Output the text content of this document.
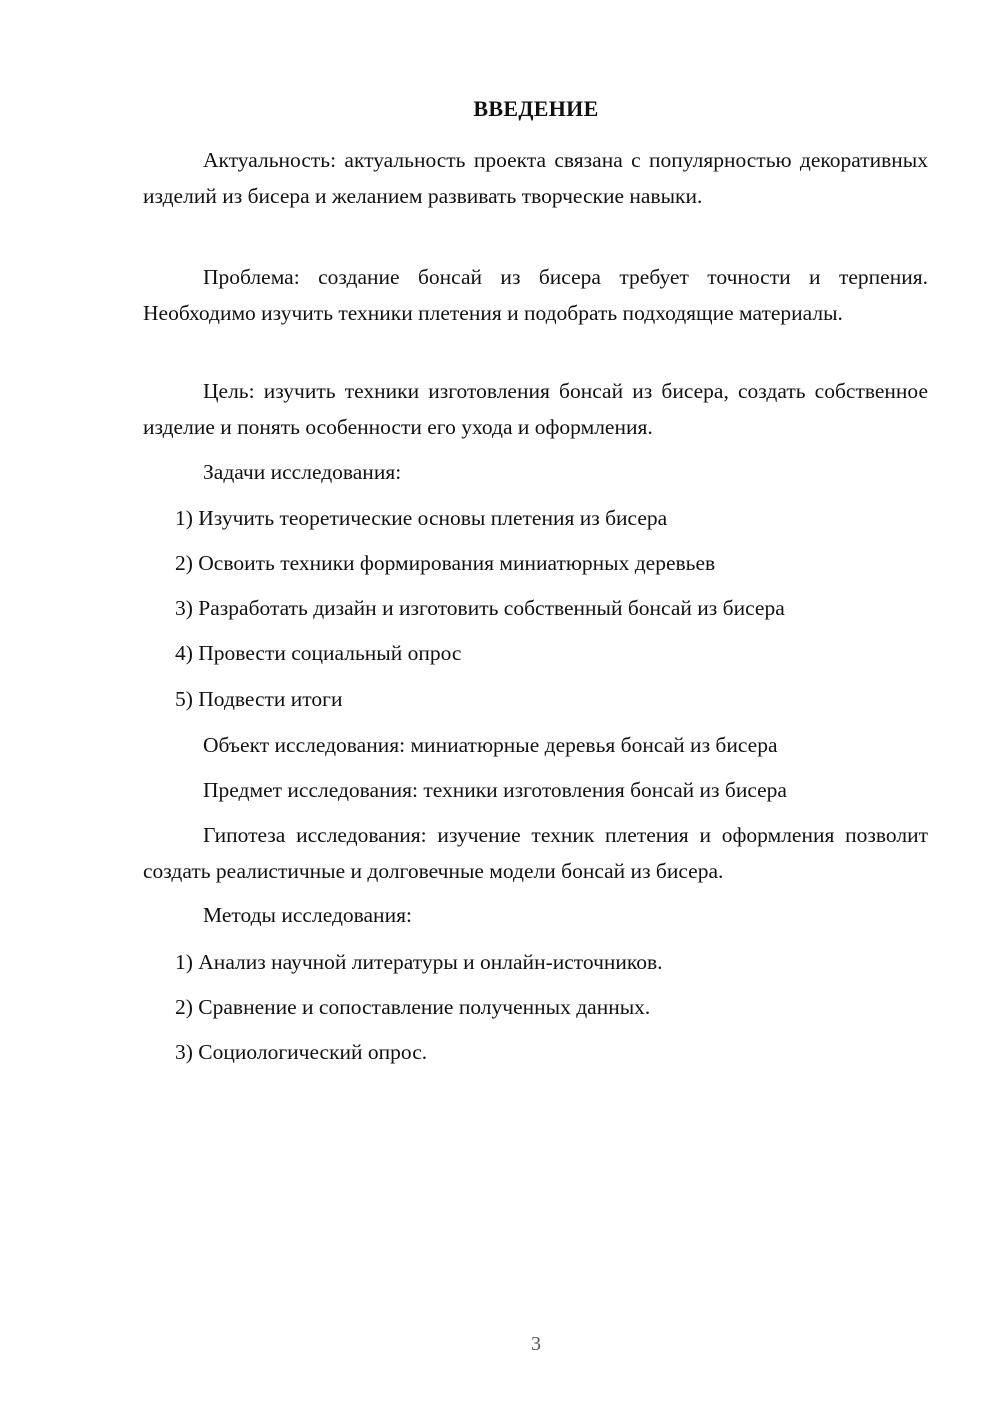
ВВЕДЕНИЕ

Актуальность: актуальность проекта связана с популярностью декоративных изделий из бисера и желанием развивать творческие навыки.

Проблема: создание бонсай из бисера требует точности и терпения. Необходимо изучить техники плетения и подобрать подходящие материалы.

Цель: изучить техники изготовления бонсай из бисера, создать собственное изделие и понять особенности его ухода и оформления.

Задачи исследования:

1) Изучить теоретические основы плетения из бисера

2) Освоить техники формирования миниатюрных деревьев

3) Разработать дизайн и изготовить собственный бонсай из бисера

4) Провести социальный опрос

5) Подвести итоги

Объект исследования: миниатюрные деревья бонсай из бисера

Предмет исследования: техники изготовления бонсай из бисера

Гипотеза исследования: изучение техник плетения и оформления позволит создать реалистичные и долговечные модели бонсай из бисера.

Методы исследования:

1) Анализ научной литературы и онлайн-источников.

2) Сравнение и сопоставление полученных данных.

3) Социологический опрос.

3
